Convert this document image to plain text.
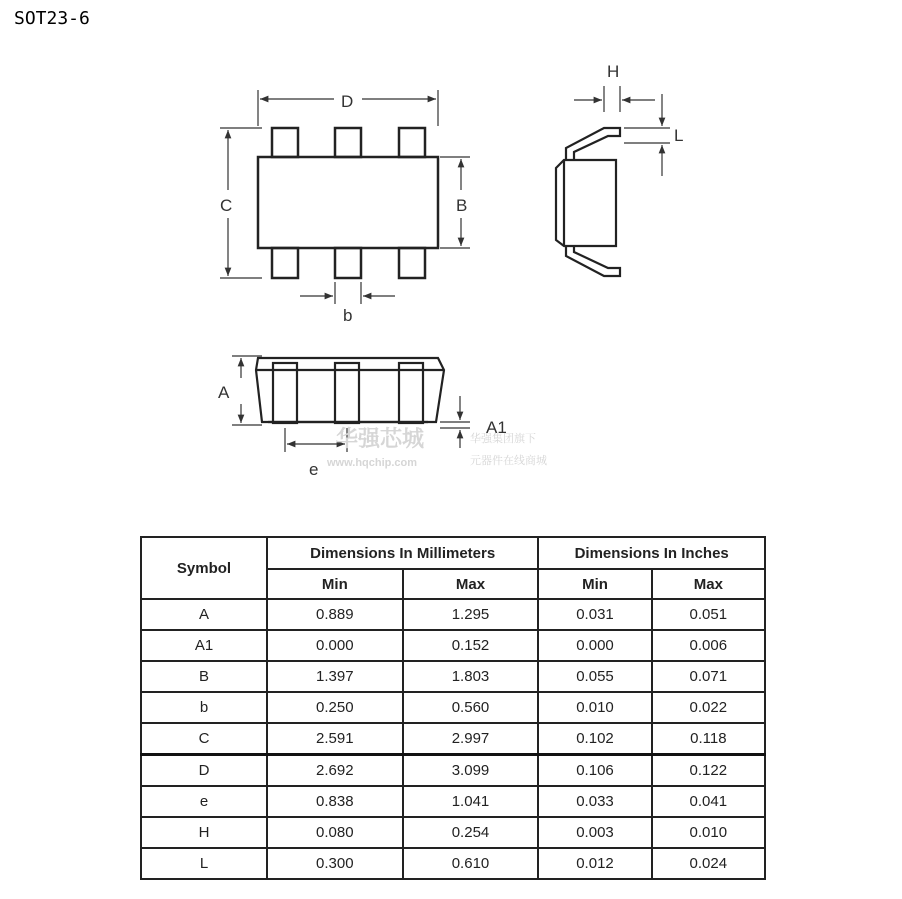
SOT23-6
D
C	B
b
H
L
A
A1
e
华强芯城
www.hqchip.com
华强集团旗下
元器件在线商城
Symbol	Dimensions In Millimeters		Dimensions In Inches	
	Min	Max	Min	Max
A	0.889	1.295	0.031	0.051
A1	0.000	0.152	0.000	0.006
B	1.397	1.803	0.055	0.071
b	0.250	0.560	0.010	0.022
C	2.591	2.997	0.102	0.118
D	2.692	3.099	0.106	0.122
e	0.838	1.041	0.033	0.041
H	0.080	0.254	0.003	0.010
L	0.300	0.610	0.012	0.024
